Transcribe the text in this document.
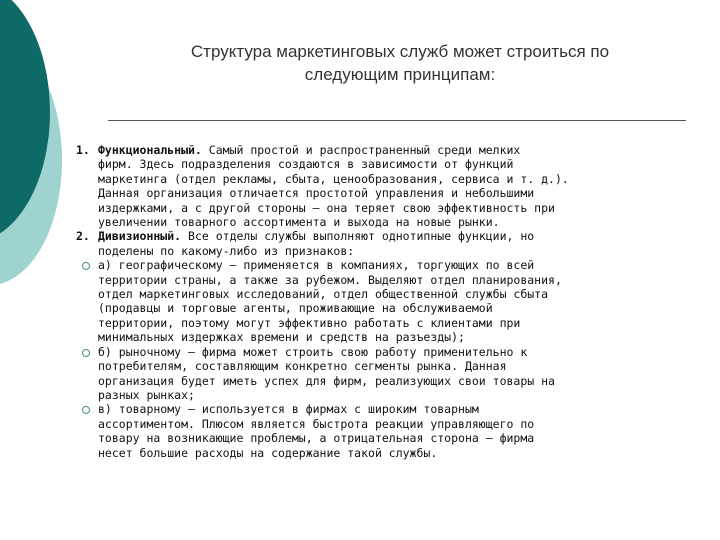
Структура маркетинговых служб может строиться по
следующим принципам:
1. Функциональный. Самый простой и распространенный среди мелких
фирм. Здесь подразделения создаются в зависимости от функций
маркетинга (отдел рекламы, сбыта, ценообразования, сервиса и т. д.).
Данная организация отличается простотой управления и небольшими
издержками, а с другой стороны – она теряет свою эффективность при
увеличении товарного ассортимента и выхода на новые рынки.
2. Дивизионный. Все отделы службы выполняют однотипные функции, но
поделены по какому-либо из признаков:
а) географическому – применяется в компаниях, торгующих по всей
территории страны, а также за рубежом. Выделяют отдел планирования,
отдел маркетинговых исследований, отдел общественной службы сбыта
(продавцы и торговые агенты, проживающие на обслуживаемой
территории, поэтому могут эффективно работать с клиентами при
минимальных издержках времени и средств на разъезды);
б) рыночному – фирма может строить свою работу применительно к
потребителям, составляющим конкретно сегменты рынка. Данная
организация будет иметь успех для фирм, реализующих свои товары на
разных рынках;
в) товарному – используется в фирмах с широким товарным
ассортиментом. Плюсом является быстрота реакции управляющего по
товару на возникающие проблемы, а отрицательная сторона – фирма
несет большие расходы на содержание такой службы.
